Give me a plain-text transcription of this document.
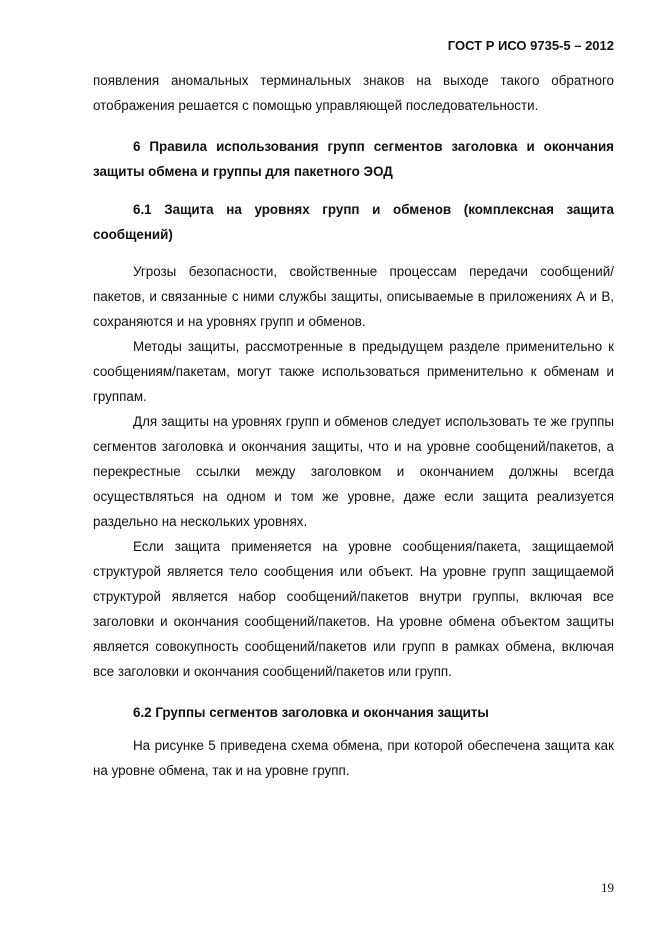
ГОСТ Р ИСО 9735-5 – 2012

появления аномальных терминальных знаков на выходе такого обратного отображения решается с помощью управляющей последовательности.

6 Правила использования групп сегментов заголовка и окончания защиты обмена и группы для пакетного ЭОД

6.1 Защита на уровнях групп и обменов (комплексная защита сообщений)

Угрозы безопасности, свойственные процессам передачи сообщений/пакетов, и связанные с ними службы защиты, описываемые в приложениях А и В, сохраняются и на уровнях групп и обменов.

Методы защиты, рассмотренные в предыдущем разделе применительно к сообщениям/пакетам, могут также использоваться применительно к обменам и группам.

Для защиты на уровнях групп и обменов следует использовать те же группы сегментов заголовка и окончания защиты, что и на уровне сообщений/пакетов, а перекрестные ссылки между заголовком и окончанием должны всегда осуществляться на одном и том же уровне, даже если защита реализуется раздельно на нескольких уровнях.

Если защита применяется на уровне сообщения/пакета, защищаемой структурой является тело сообщения или объект. На уровне групп защищаемой структурой является набор сообщений/пакетов внутри группы, включая все заголовки и окончания сообщений/пакетов. На уровне обмена объектом защиты является совокупность сообщений/пакетов или групп в рамках обмена, включая все заголовки и окончания сообщений/пакетов или групп.

6.2 Группы сегментов заголовка и окончания защиты

На рисунке 5 приведена схема обмена, при которой обеспечена защита как на уровне обмена, так и на уровне групп.

19
